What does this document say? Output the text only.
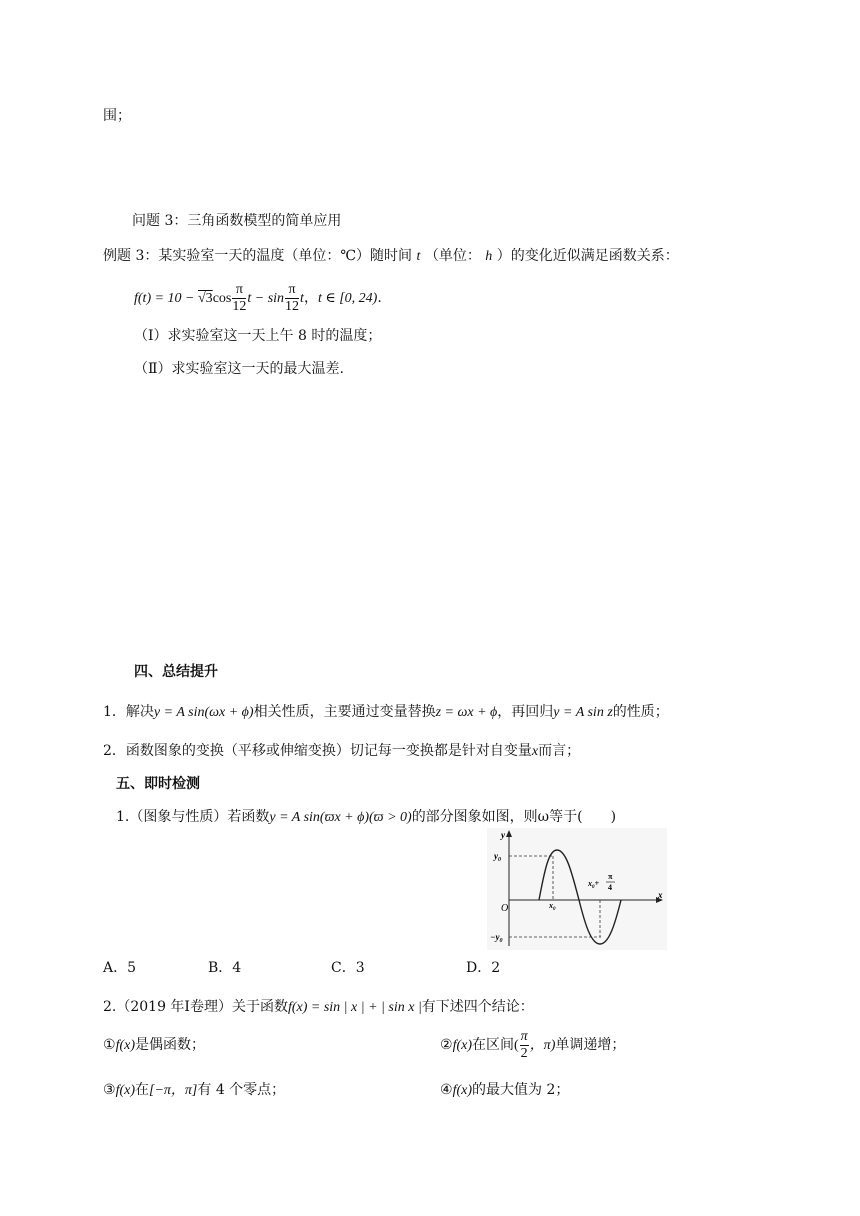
围；
问题 3：三角函数模型的简单应用
例题 3：某实验室一天的温度（单位：℃）随时间 t （单位： h ）的变化近似满足函数关系：
$f(t) = 10 - √3\cos \frac{\pi}{12}$ $t - \sin \frac{\pi}{12}$ t，t ∈ [0, 24).
（Ⅰ）求实验室这一天上午 8 时的温度；
（Ⅱ）求实验室这一天的最大温差.
四、总结提升
1．解决y = A sin(ωx + ϕ)相关性质，主要通过变量替换z = ωx + ϕ，再回归y = A sin z的性质；
2．函数图象的变换（平移或伸缩变换）切记每一变换都是针对自变量x而言；
五、即时检测
1.（图象与性质）若函数y = A sin(ϖx + ϕ)(ϖ > 0)的部分图象如图，则ω等于(　　)
y
x
O
$y_0$
$-y_0$
$x_0$
$x_0+$
π
4
A．5	B．4	C．3	D．2
2.（2019 年Ⅰ卷理）关于函数f(x) = sin | x | + | sin x |有下述四个结论：
①f(x)是偶函数；	②f(x)在区间( $\frac{\pi}{2}$ ，π)单调递增；
③f(x)在[−π，π]有 4 个零点；	④f(x)的最大值为 2；
